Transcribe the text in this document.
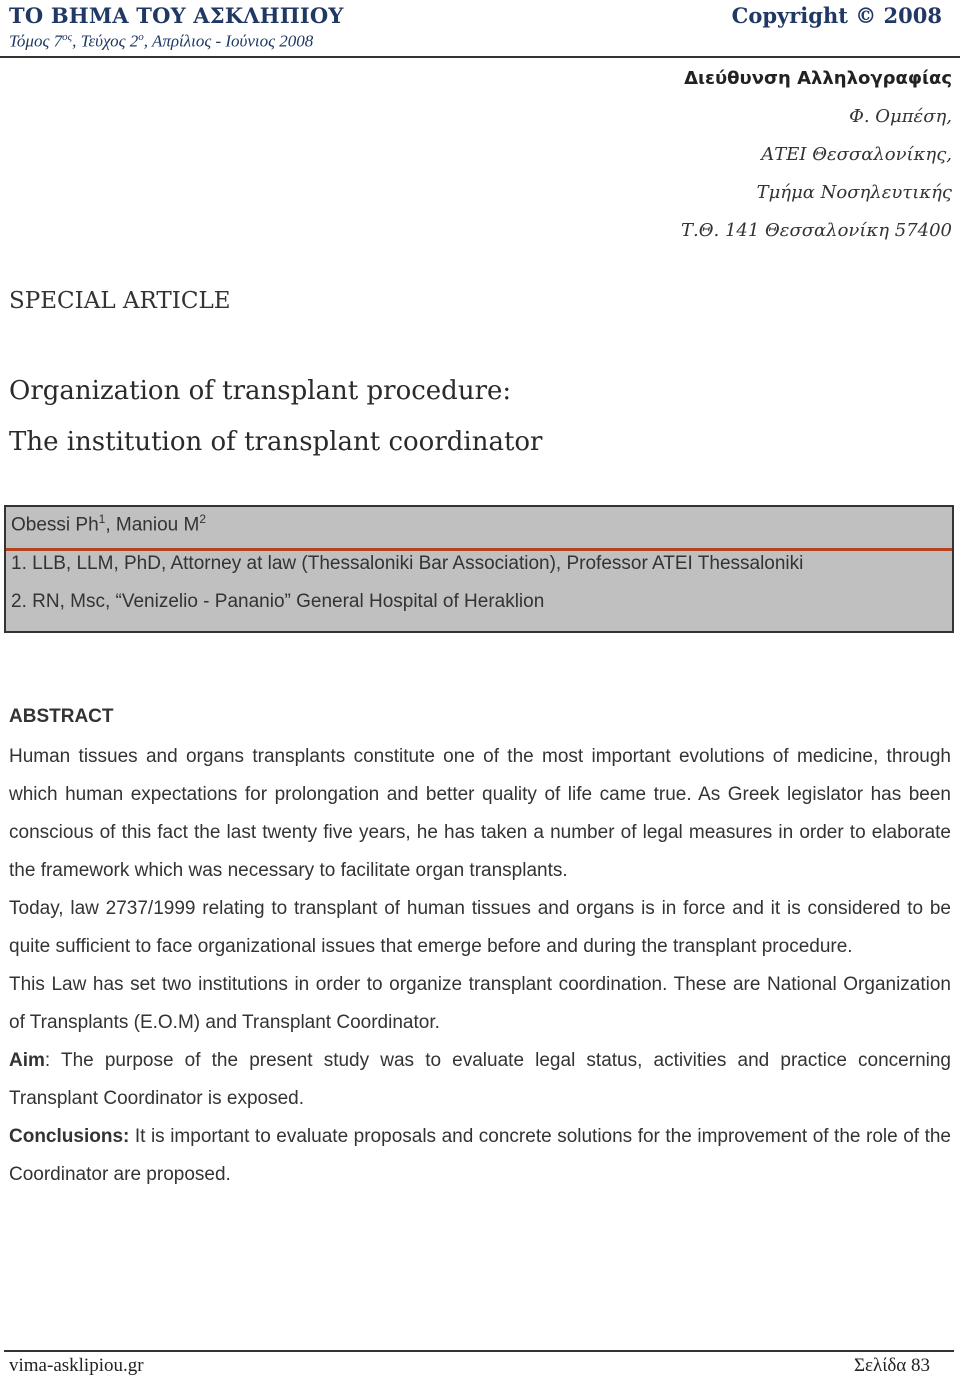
ΤΟ ΒΗΜΑ ΤΟΥ ΑΣΚΛΗΠΙΟΥ	Copyright © 2008
Τόμος $7^{o\varsigma}$, Τεύχος $2^o$, Απρίλιος - Ιούνιος 2008
Διεύθυνση Αλληλογραφίας
Φ. Ομπέση,
ΑΤΕΙ Θεσσαλονίκης,
Τμήμα Νοσηλευτικής
Τ.Θ. 141 Θεσσαλονίκη 57400
SPECIAL ARTICLE
Organization of transplant procedure:
The institution of transplant coordinator
Obessi Ph$^1$, Maniou $M^2$
1. LLB, LLM, PhD, Attorney at law (Thessaloniki Bar Association), Professor ATEI Thessaloniki
2. RN, Msc, “Venizelio - Pananio” General Hospital of Heraklion
ABSTRACT

Human tissues and organs transplants constitute one of the most important evolutions of medicine, through which human expectations for prolongation and better quality of life came true. As Greek legislator has been conscious of this fact the last twenty five years, he has taken a number of legal measures in order to elaborate the framework which was necessary to facilitate organ transplants.

Today, law 2737/1999 relating to transplant of human tissues and organs is in force and it is considered to be quite sufficient to face organizational issues that emerge before and during the transplant procedure.

This Law has set two institutions in order to organize transplant coordination. These are National Organization of Transplants (E.O.M) and Transplant Coordinator.

Aim: The purpose of the present study was to evaluate legal status, activities and practice concerning Transplant Coordinator is exposed.

Conclusions: It is important to evaluate proposals and concrete solutions for the improvement of the role of the Coordinator are proposed.

vima-asklipiou.gr	Σελίδα 83
